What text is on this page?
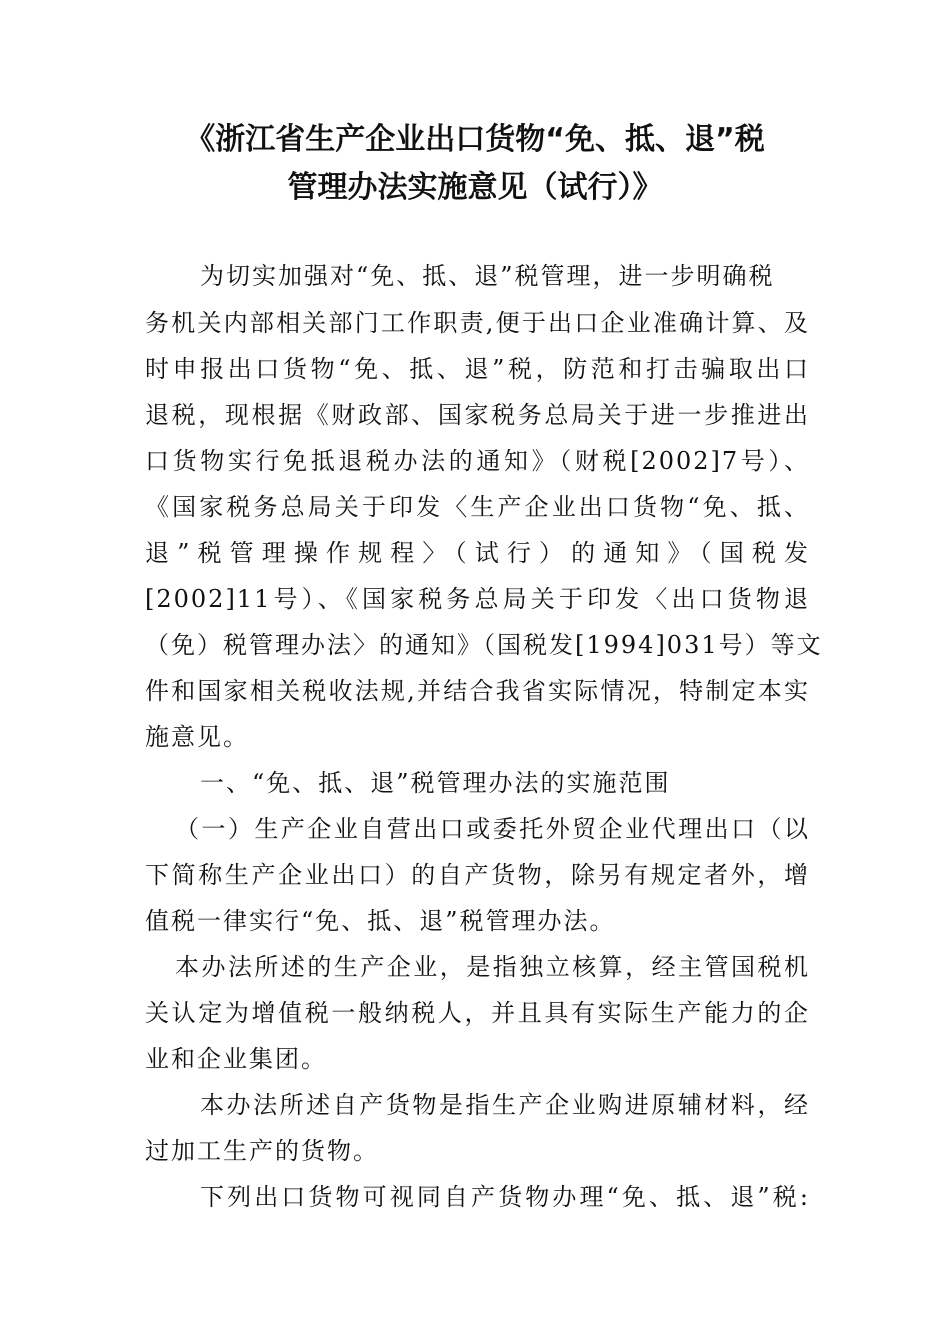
《浙江省生产企业出口货物“免、抵、退”税
管理办法实施意见（试行）》
为切实加强对“免、抵、退”税管理，进一步明确税
务机关内部相关部门工作职责,便于出口企业准确计算、及
时申报出口货物“免、抵、退”税，防范和打击骗取出口
退税，现根据《财政部、国家税务总局关于进一步推进出
口货物实行免抵退税办法的通知》（财税[2002]7号）、
《国家税务总局关于印发〈生产企业出口货物“免、抵、
退”税管理操作规程〉（试行）的通知》（国税发
[2002]11号）、《国家税务总局关于印发〈出口货物退
（免）税管理办法〉的通知》（国税发[1994]031号）等文
件和国家相关税收法规,并结合我省实际情况，特制定本实
施意见。
一、“免、抵、退”税管理办法的实施范围
（一）生产企业自营出口或委托外贸企业代理出口（以
下简称生产企业出口）的自产货物，除另有规定者外，增
值税一律实行“免、抵、退”税管理办法。
本办法所述的生产企业，是指独立核算，经主管国税机
关认定为增值税一般纳税人，并且具有实际生产能力的企
业和企业集团。
本办法所述自产货物是指生产企业购进原辅材料，经
过加工生产的货物。
下列出口货物可视同自产货物办理“免、抵、退”税:
